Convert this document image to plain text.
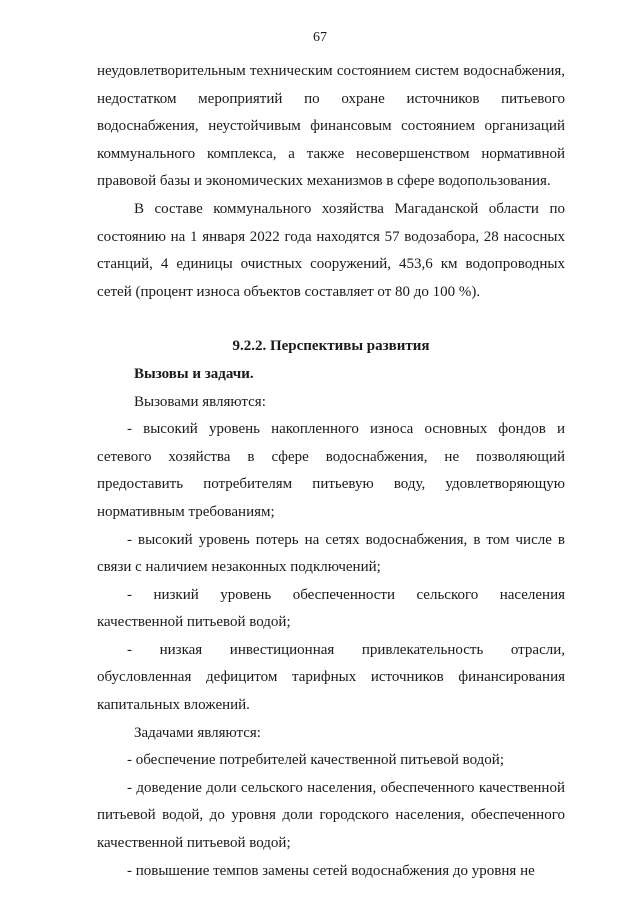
67

неудовлетворительным техническим состоянием систем водоснабжения, недостатком мероприятий по охране источников питьевого водоснабжения, неустойчивым финансовым состоянием организаций коммунального комплекса, а также несовершенством нормативной правовой базы и экономических механизмов в сфере водопользования.

В составе коммунального хозяйства Магаданской области по состоянию на 1 января 2022 года находятся 57 водозабора, 28 насосных станций, 4 единицы очистных сооружений, 453,6 км водопроводных сетей (процент износа объектов составляет от 80 до 100 %).

9.2.2. Перспективы развития

Вызовы и задачи.

Вызовами являются:

- высокий уровень накопленного износа основных фондов и сетевого хозяйства в сфере водоснабжения, не позволяющий предоставить потребителям питьевую воду, удовлетворяющую нормативным требованиям;

- высокий уровень потерь на сетях водоснабжения, в том числе в связи с наличием незаконных подключений;

- низкий уровень обеспеченности сельского населения качественной питьевой водой;

- низкая инвестиционная привлекательность отрасли, обусловленная дефицитом тарифных источников финансирования капитальных вложений.

Задачами являются:

- обеспечение потребителей качественной питьевой водой;

- доведение доли сельского населения, обеспеченного качественной питьевой водой, до уровня доли городского населения, обеспеченного качественной питьевой водой;

- повышение темпов замены сетей водоснабжения до уровня не
